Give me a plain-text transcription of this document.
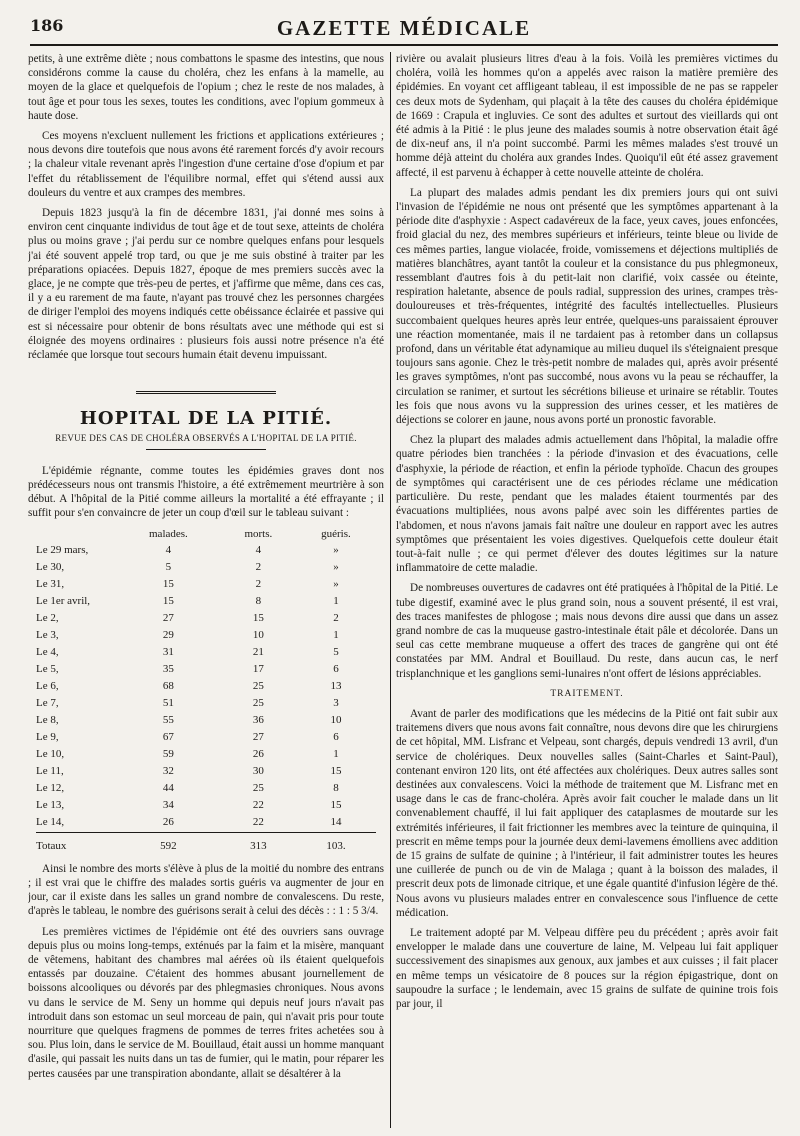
186	GAZETTE MÉDICALE

petits, à une extrême diète ; nous combattons le spasme des intestins, que nous considérons comme la cause du choléra, chez les enfans à la mamelle, au moyen de la glace et quelquefois de l'opium ; chez le reste de nos malades, à tout âge et pour tous les sexes, toutes les conditions, avec l'opium gommeux à haute dose.

Ces moyens n'excluent nullement les frictions et applications extérieures ; nous devons dire toutefois que nous avons été rarement forcés d'y avoir recours ; la chaleur vitale revenant après l'ingestion d'une certaine d'ose d'opium et par l'effet du rétablissement de l'équilibre normal, effet qui s'étend aussi aux douleurs du ventre et aux crampes des membres.

Depuis 1823 jusqu'à la fin de décembre 1831, j'ai donné mes soins à environ cent cinquante individus de tout âge et de tout sexe, atteints de choléra plus ou moins grave ; j'ai perdu sur ce nombre quelques enfans pour lesquels j'ai été souvent appelé trop tard, ou que je me suis obstiné à traiter par les préparations opiacées. Depuis 1827, époque de mes premiers succès avec la glace, je ne compte que très-peu de pertes, et j'affirme que même, dans ces cas, il y a eu rarement de ma faute, n'ayant pas trouvé chez les personnes chargées de diriger l'emploi des moyens indiqués cette obéissance éclairée et passive qui est si nécessaire pour obtenir de bons résultats avec une méthode qui est si éloignée des moyens ordinaires : plusieurs fois aussi notre présence n'a été réclamée que lorsque tout secours humain était devenu impuissant.

HOPITAL DE LA PITIÉ.
REVUE DES CAS DE CHOLÉRA OBSERVÉS A L'HOPITAL DE LA PITIÉ.

L'épidémie régnante, comme toutes les épidémies graves dont nos prédécesseurs nous ont transmis l'histoire, a été extrêmement meurtrière à son début. A l'hôpital de la Pitié comme ailleurs la mortalité a été effrayante ; il suffit pour s'en convaincre de jeter un coup d'œil sur le tableau suivant :

	malades.	morts.	guéris.
Le 29 mars,	4	4	»
Le 30,	5	2	»
Le 31,	15	2	»
Le 1er avril,	15	8	1
Le 2,	27	15	2
Le 3,	29	10	1
Le 4,	31	21	5
Le 5,	35	17	6
Le 6,	68	25	13
Le 7,	51	25	3
Le 8,	55	36	10
Le 9,	67	27	6
Le 10,	59	26	1
Le 11,	32	30	15
Le 12,	44	25	8
Le 13,	34	22	15
Le 14,	26	22	14
Totaux	592	313	103.

Ainsi le nombre des morts s'élève à plus de la moitié du nombre des entrans ; il est vrai que le chiffre des malades sortis guéris va augmenter de jour en jour, car il existe dans les salles un grand nombre de convalescens. Du reste, d'après le tableau, le nombre des guérisons serait à celui des décès : : 1 : 5 3/4.

Les premières victimes de l'épidémie ont été des ouvriers sans ouvrage depuis plus ou moins long-temps, exténués par la faim et la misère, manquant de vêtemens, habitant des chambres mal aérées où ils étaient quelquefois entassés par douzaine. C'étaient des hommes abusant journellement de boissons alcooliques ou dévorés par des phlegmasies chroniques. Nous avons vu dans le service de M. Seny un homme qui depuis neuf jours n'avait pas introduit dans son estomac un seul morceau de pain, qui n'avait pris pour toute nourriture que quelques fragmens de pommes de terres frites achetées sou à sou. Plus loin, dans le service de M. Bouillaud, était aussi un homme manquant d'asile, qui passait les nuits dans un tas de fumier, qui le matin, pour réparer les pertes causées par une transpiration abondante, allait se désaltérer à la

rivière ou avalait plusieurs litres d'eau à la fois. Voilà les premières victimes du choléra, voilà les hommes qu'on a appelés avec raison la matière première des épidémies. En voyant cet affligeant tableau, il est impossible de ne pas se rappeler ces deux mots de Sydenham, qui plaçait à la tête des causes du choléra épidémique de 1669 : Crapula et ingluvies. Ce sont des adultes et surtout des vieillards qui ont été admis à la Pitié : le plus jeune des malades soumis à notre observation était âgé de dix-neuf ans, il n'a point succombé. Parmi les mêmes malades s'est trouvé un homme déjà atteint du choléra aux grandes Indes. Quoiqu'il eût été assez gravement affecté, il est parvenu à échapper à cette nouvelle atteinte de choléra.

La plupart des malades admis pendant les dix premiers jours qui ont suivi l'invasion de l'épidémie ne nous ont présenté que les symptômes appartenant à la période dite d'asphyxie : Aspect cadavéreux de la face, yeux caves, joues enfoncées, froid glacial du nez, des membres supérieurs et inférieurs, teinte bleue ou livide de ces mêmes parties, langue violacée, froide, vomissemens et déjections multipliés de matières blanchâtres, ayant tantôt la couleur et la consistance du pus phlegmoneux, ressemblant d'autres fois à du petit-lait non clarifié, voix cassée ou éteinte, respiration haletante, absence de pouls radial, suppression des urines, crampes très-douloureuses et très-fréquentes, intégrité des facultés intellectuelles. Plusieurs succombaient quelques heures après leur entrée, quelques-uns paraissaient éprouver une réaction momentanée, mais il ne tardaient pas à retomber dans un collapsus profond, dans un véritable état adynamique au milieu duquel ils s'éteignaient presque toujours sans agonie. Chez le très-petit nombre de malades qui, après avoir présenté les graves symptômes, n'ont pas succombé, nous avons vu la peau se réchauffer, la circulation se ranimer, et surtout les sécrétions bilieuse et urinaire se rétablir. Toutes les fois que nous avons vu la suppression des urines cesser, et les matières de déjections se colorer en jaune, nous avons porté un pronostic favorable.

Chez la plupart des malades admis actuellement dans l'hôpital, la maladie offre quatre périodes bien tranchées : la période d'invasion et des évacuations, celle d'asphyxie, la période de réaction, et enfin la période typhoïde. Chacun des groupes de symptômes qui caractérisent une de ces périodes réclame une médication particulière. Du reste, pendant que les malades étaient tourmentés par des évacuations multipliées, nous avons palpé avec soin les différentes parties de l'abdomen, et nous n'avons jamais fait naître une douleur en rapport avec les autres symptômes que présentaient les voies digestives. Quelquefois cette douleur était tout-à-fait nulle ; ce qui permet d'élever des doutes légitimes sur la nature inflammatoire de cette maladie.

De nombreuses ouvertures de cadavres ont été pratiquées à l'hôpital de la Pitié. Le tube digestif, examiné avec le plus grand soin, nous a souvent présenté, il est vrai, des traces manifestes de phlogose ; mais nous devons dire aussi que dans un assez grand nombre de cas la muqueuse gastro-intestinale était pâle et décolorée. Dans un seul cas cette membrane muqueuse a offert des traces de gangrène qui ont été constatées par MM. Andral et Bouillaud. Du reste, dans aucun cas, le nerf trisplanchnique et les ganglions semi-lunaires n'ont offert de lésions appréciables.

TRAITEMENT.

Avant de parler des modifications que les médecins de la Pitié ont fait subir aux traitemens divers que nous avons fait connaître, nous devons dire que les chirurgiens de cet hôpital, MM. Lisfranc et Velpeau, sont chargés, depuis vendredi 13 avril, d'un service de cholériques. Deux nouvelles salles (Saint-Charles et Saint-Paul), contenant environ 120 lits, ont été affectées aux cholériques. Deux autres salles sont destinées aux convalescens. Voici la méthode de traitement que M. Lisfranc met en usage dans le cas de franc-choléra. Après avoir fait coucher le malade dans un lit convenablement chauffé, il lui fait appliquer des cataplasmes de moutarde sur les extrémités inférieures, il fait frictionner les membres avec la teinture de quinquina, il prescrit en même temps pour la journée deux demi-lavemens émolliens avec addition de 15 grains de sulfate de quinine ; à l'intérieur, il fait administrer toutes les heures une cuillerée de punch ou de vin de Malaga ; quant à la boisson des malades, il prescrit deux pots de limonade citrique, et une égale quantité d'infusion légère de thé. Nous avons vu plusieurs malades entrer en convalescence sous l'influence de cette médication.

Le traitement adopté par M. Velpeau diffère peu du précédent ; après avoir fait envelopper le malade dans une couverture de laine, M. Velpeau lui fait appliquer successivement des sinapismes aux genoux, aux jambes et aux cuisses ; il fait placer en même temps un vésicatoire de 8 pouces sur la région épigastrique, dont on saupoudre la surface ; le lendemain, avec 15 grains de sulfate de quinine trois fois par jour, il
